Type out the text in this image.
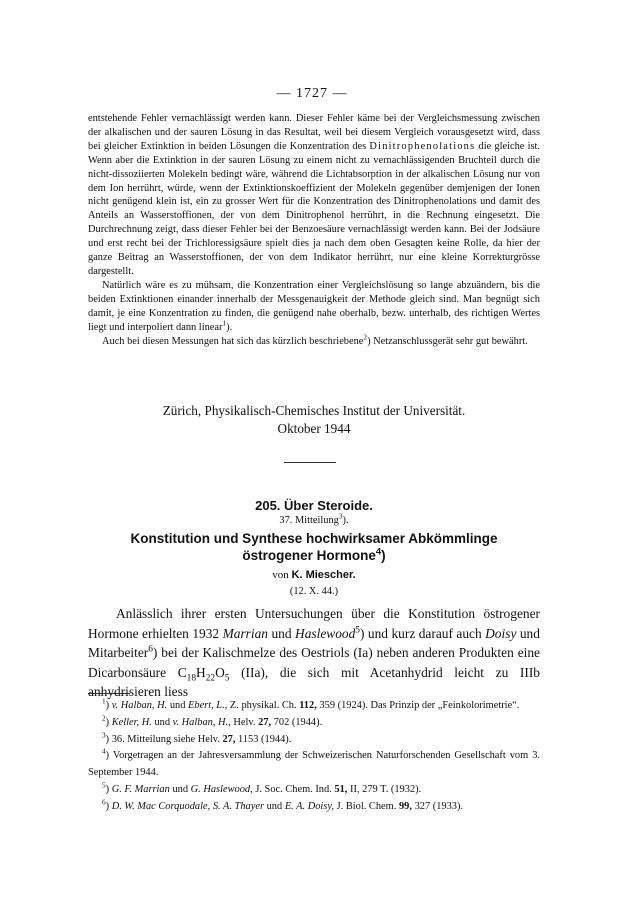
— 1727 —

entstehende Fehler vernachlässigt werden kann. Dieser Fehler käme bei der Vergleichsmessung zwischen der alkalischen und der sauren Lösung in das Resultat, weil bei diesem Vergleich vorausgesetzt wird, dass bei gleicher Extinktion in beiden Lösungen die Konzentration des Dinitrophenolations die gleiche ist. Wenn aber die Extinktion in der sauren Lösung zu einem nicht zu vernachlässigenden Bruchteil durch die nicht-dissoziierten Molekeln bedingt wäre, während die Lichtabsorption in der alkalischen Lösung nur von dem Ion herrührt, würde, wenn der Extinktionskoeffizient der Molekeln gegenüber demjenigen der Ionen nicht genügend klein ist, ein zu grosser Wert für die Konzentration des Dinitrophenolations und damit des Anteils an Wasserstoffionen, der von dem Dinitrophenol herrührt, in die Rechnung eingesetzt. Die Durchrechnung zeigt, dass dieser Fehler bei der Benzoesäure vernachlässigt werden kann. Bei der Jodsäure und erst recht bei der Trichloressigsäure spielt dies ja nach dem oben Gesagten keine Rolle, da hier der ganze Beitrag an Wasserstoffionen, der von dem Indikator herrührt, nur eine kleine Korrekturgrösse dargestellt.

Natürlich wäre es zu mühsam, die Konzentration einer Vergleichslösung so lange abzuändern, bis die beiden Extinktionen einander innerhalb der Messgenauigkeit der Methode gleich sind. Man begnügt sich damit, je eine Konzentration zu finden, die genügend nahe oberhalb, bezw. unterhalb, des richtigen Wertes liegt und interpoliert dann linear$^1$).

Auch bei diesen Messungen hat sich das kürzlich beschriebene$^2$) Netzanschlussgerät sehr gut bewährt.

Zürich, Physikalisch-Chemisches Institut der Universität.
Oktober 1944
205. Über Steroide.
37. Mitteilung$^3$).
Konstitution und Synthese hochwirksamer Abkömmlinge
östrogener Hormone$^4$)
von K. Miescher.
(12. X. 44.)

Anlässlich ihrer ersten Untersuchungen über die Konstitution östrogener Hormone erhielten 1932 Marrian und Haslewood$^5$) und kurz darauf auch Doisy und Mitarbeiter$^6$) bei der Kalischmelze des Oestriols (Ia) neben anderen Produkten eine Dicarbonsäure $C_{18}H_{22}O_5$ (IIa), die sich mit Acetanhydrid leicht zu IIIb anhydrisieren liess

$^1$) v. Halban, H. und Ebert, L., Z. physikal. Ch. 112, 359 (1924). Das Prinzip der „Feinkolorimetrie“.

$^2$) Keller, H. und v. Halban, H., Helv. 27, 702 (1944).

$^3$) 36. Mitteilung siehe Helv. 27, 1153 (1944).

$^4$) Vorgetragen an der Jahresversammlung der Schweizerischen Naturforschenden Gesellschaft vom 3. September 1944.

$^5$) G. F. Marrian und G. Haslewood, J. Soc. Chem. Ind. 51, II, 279 T. (1932).

$^6$) D. W. Mac Corquodale, S. A. Thayer und E. A. Doisy, J. Biol. Chem. 99, 327 (1933).
